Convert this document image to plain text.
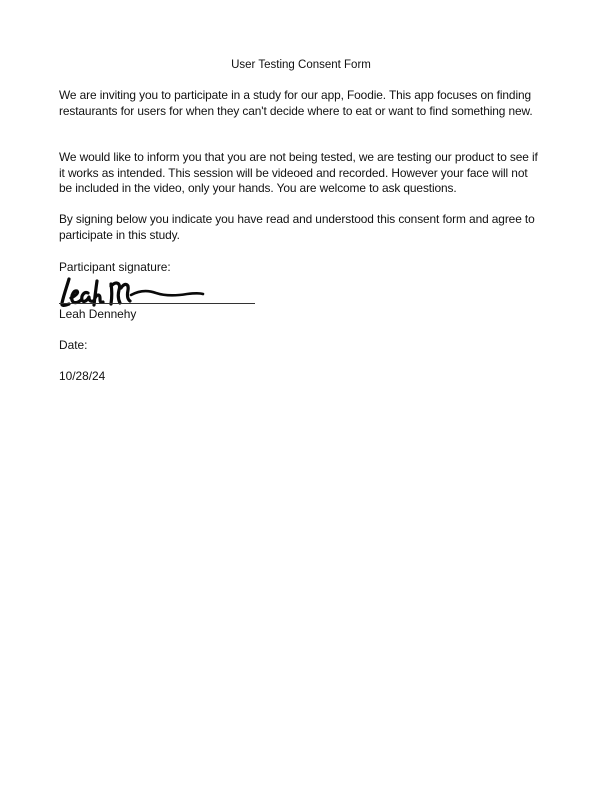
User Testing Consent Form

We are inviting you to participate in a study for our app, Foodie. This app focuses on finding restaurants for users for when they can't decide where to eat or want to find something new.

We would like to inform you that you are not being tested, we are testing our product to see if it works as intended. This session will be videoed and recorded. However your face will not be included in the video, only your hands. You are welcome to ask questions.

By signing below you indicate you have read and understood this consent form and agree to participate in this study.

Participant signature:
Leah Dennehy
Date:
10/28/24
